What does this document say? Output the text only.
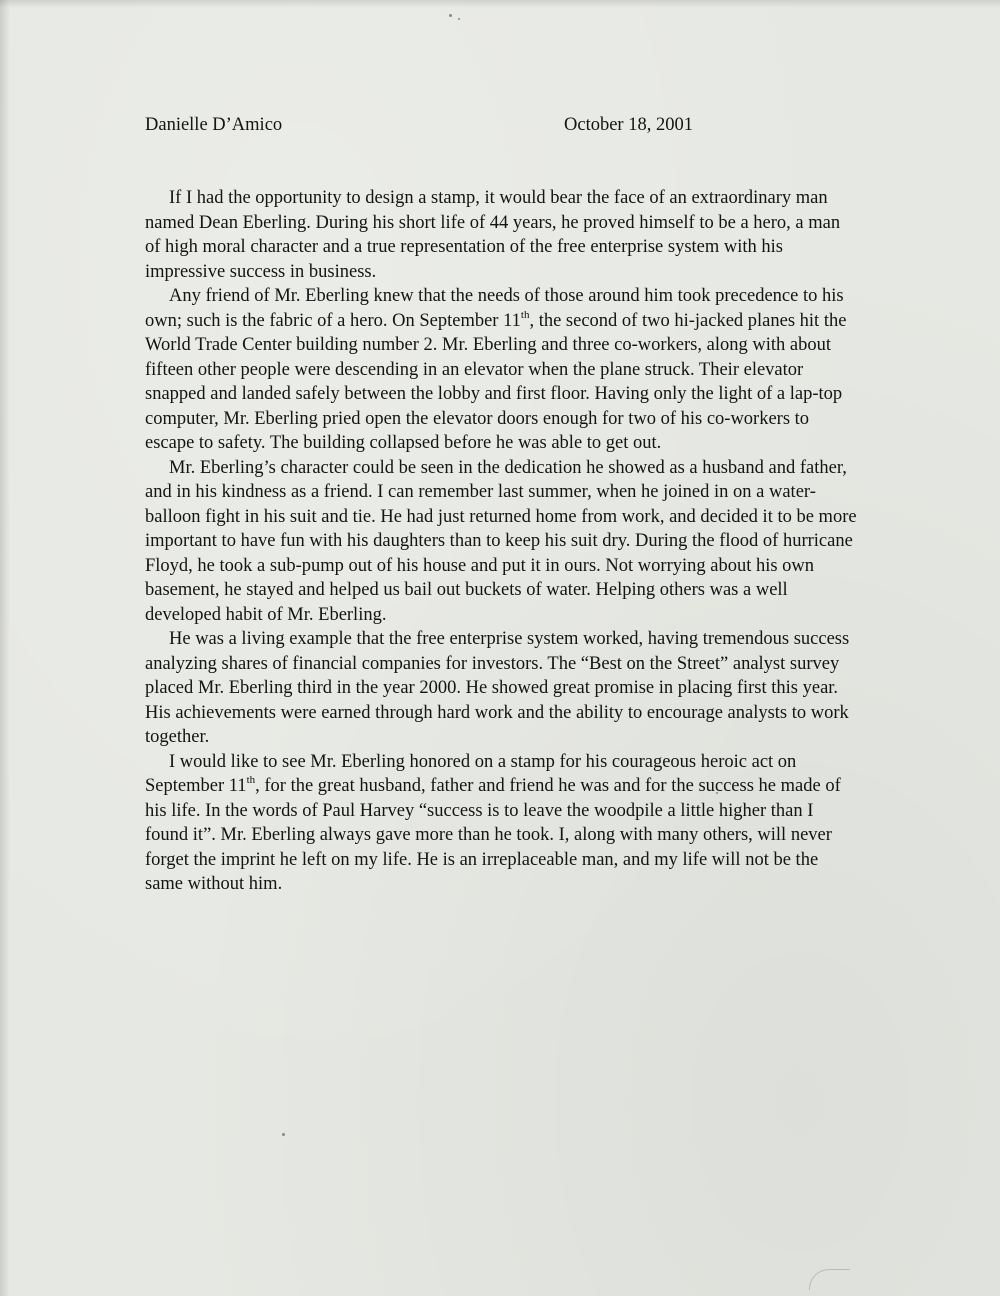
Danielle D’Amico	October 18, 2001

If I had the opportunity to design a stamp, it would bear the face of an extraordinary man named Dean Eberling. During his short life of 44 years, he proved himself to be a hero, a man of high moral character and a true representation of the free enterprise system with his impressive success in business.

Any friend of Mr. Eberling knew that the needs of those around him took precedence to his own; such is the fabric of a hero. On September 11th, the second of two hi-jacked planes hit the World Trade Center building number 2. Mr. Eberling and three co-workers, along with about fifteen other people were descending in an elevator when the plane struck. Their elevator snapped and landed safely between the lobby and first floor. Having only the light of a lap-top computer, Mr. Eberling pried open the elevator doors enough for two of his co-workers to escape to safety. The building collapsed before he was able to get out.

Mr. Eberling’s character could be seen in the dedication he showed as a husband and father, and in his kindness as a friend. I can remember last summer, when he joined in on a water-balloon fight in his suit and tie. He had just returned home from work, and decided it to be more important to have fun with his daughters than to keep his suit dry. During the flood of hurricane Floyd, he took a sub-pump out of his house and put it in ours. Not worrying about his own basement, he stayed and helped us bail out buckets of water. Helping others was a well developed habit of Mr. Eberling.

He was a living example that the free enterprise system worked, having tremendous success analyzing shares of financial companies for investors. The “Best on the Street” analyst survey placed Mr. Eberling third in the year 2000. He showed great promise in placing first this year. His achievements were earned through hard work and the ability to encourage analysts to work together.

I would like to see Mr. Eberling honored on a stamp for his courageous heroic act on September 11th, for the great husband, father and friend he was and for the success he made of his life. In the words of Paul Harvey “success is to leave the woodpile a little higher than I found it”. Mr. Eberling always gave more than he took. I, along with many others, will never forget the imprint he left on my life. He is an irreplaceable man, and my life will not be the same without him.
